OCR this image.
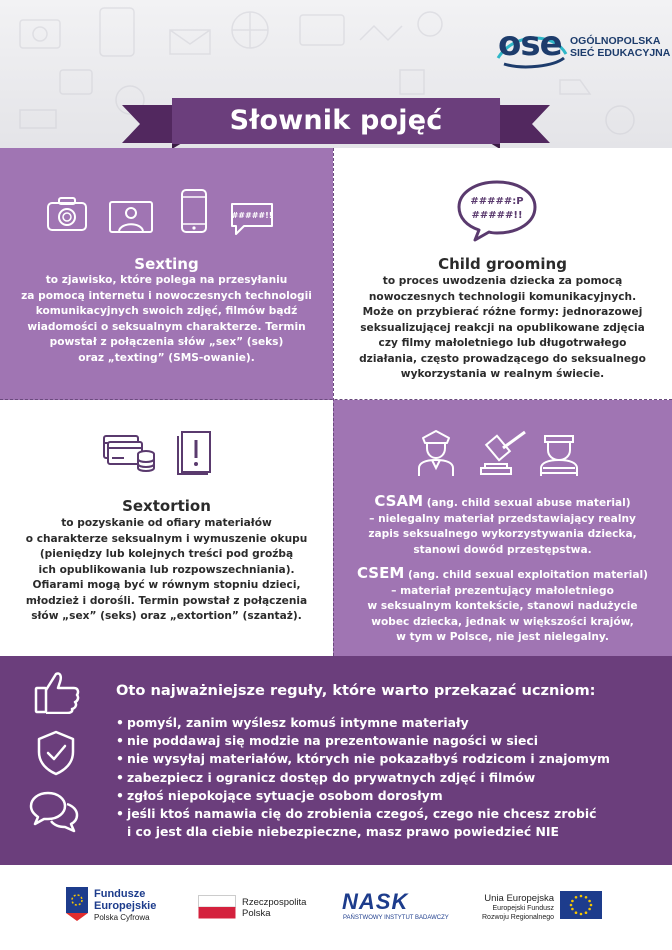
ose OGÓLNOPOLSKA
SIEĆ EDUKACYJNA
Słownik pojęć
#####!!
Sexting
to zjawisko, które polega na przesyłaniu
za pomocą internetu i nowoczesnych technologii
komunikacyjnych swoich zdjęć, filmów bądź
wiadomości o seksualnym charakterze. Termin
powstał z połączenia słów „sex” (seks)
oraz „texting” (SMS-owanie).
#####:P
#####!!
Child grooming
to proces uwodzenia dziecka za pomocą
nowoczesnych technologii komunikacyjnych.
Może on przybierać różne formy: jednorazowej
seksualizującej reakcji na opublikowane zdjęcia
czy filmy małoletniego lub długotrwałego
działania, często prowadzącego do seksualnego
wykorzystania w realnym świecie.
Sextortion
to pozyskanie od ofiary materiałów
o charakterze seksualnym i wymuszenie okupu
(pieniędzy lub kolejnych treści pod groźbą
ich opublikowania lub rozpowszechniania).
Ofiarami mogą być w równym stopniu dzieci,
młodzież i dorośli. Termin powstał z połączenia
słów „sex” (seks) oraz „extortion” (szantaż).
CSAM (ang. child sexual abuse material)
– nielegalny materiał przedstawiający realny
zapis seksualnego wykorzystywania dziecka,
stanowi dowód przestępstwa.
CSEM (ang. child sexual exploitation material)
– materiał prezentujący małoletniego
w seksualnym kontekście, stanowi nadużycie
wobec dziecka, jednak w większości krajów,
w tym w Polsce, nie jest nielegalny.
Oto najważniejsze reguły, które warto przekazać uczniom:
• pomyśl, zanim wyślesz komuś intymne materiały
• nie poddawaj się modzie na prezentowanie nagości w sieci
• nie wysyłaj materiałów, których nie pokazałbyś rodzicom i znajomym
• zabezpiecz i ogranicz dostęp do prywatnych zdjęć i filmów
• zgłoś niepokojące sytuacje osobom dorosłym
• jeśli ktoś namawia cię do zrobienia czegoś, czego nie chcesz zrobić
i co jest dla ciebie niebezpieczne, masz prawo powiedzieć NIE
Fundusze
Europejskie
Polska Cyfrowa
Rzeczpospolita
Polska	NASK
PAŃSTWOWY INSTYTUT BADAWCZY
Unia Europejska
Europejski Fundusz
Rozwoju Regionalnego
